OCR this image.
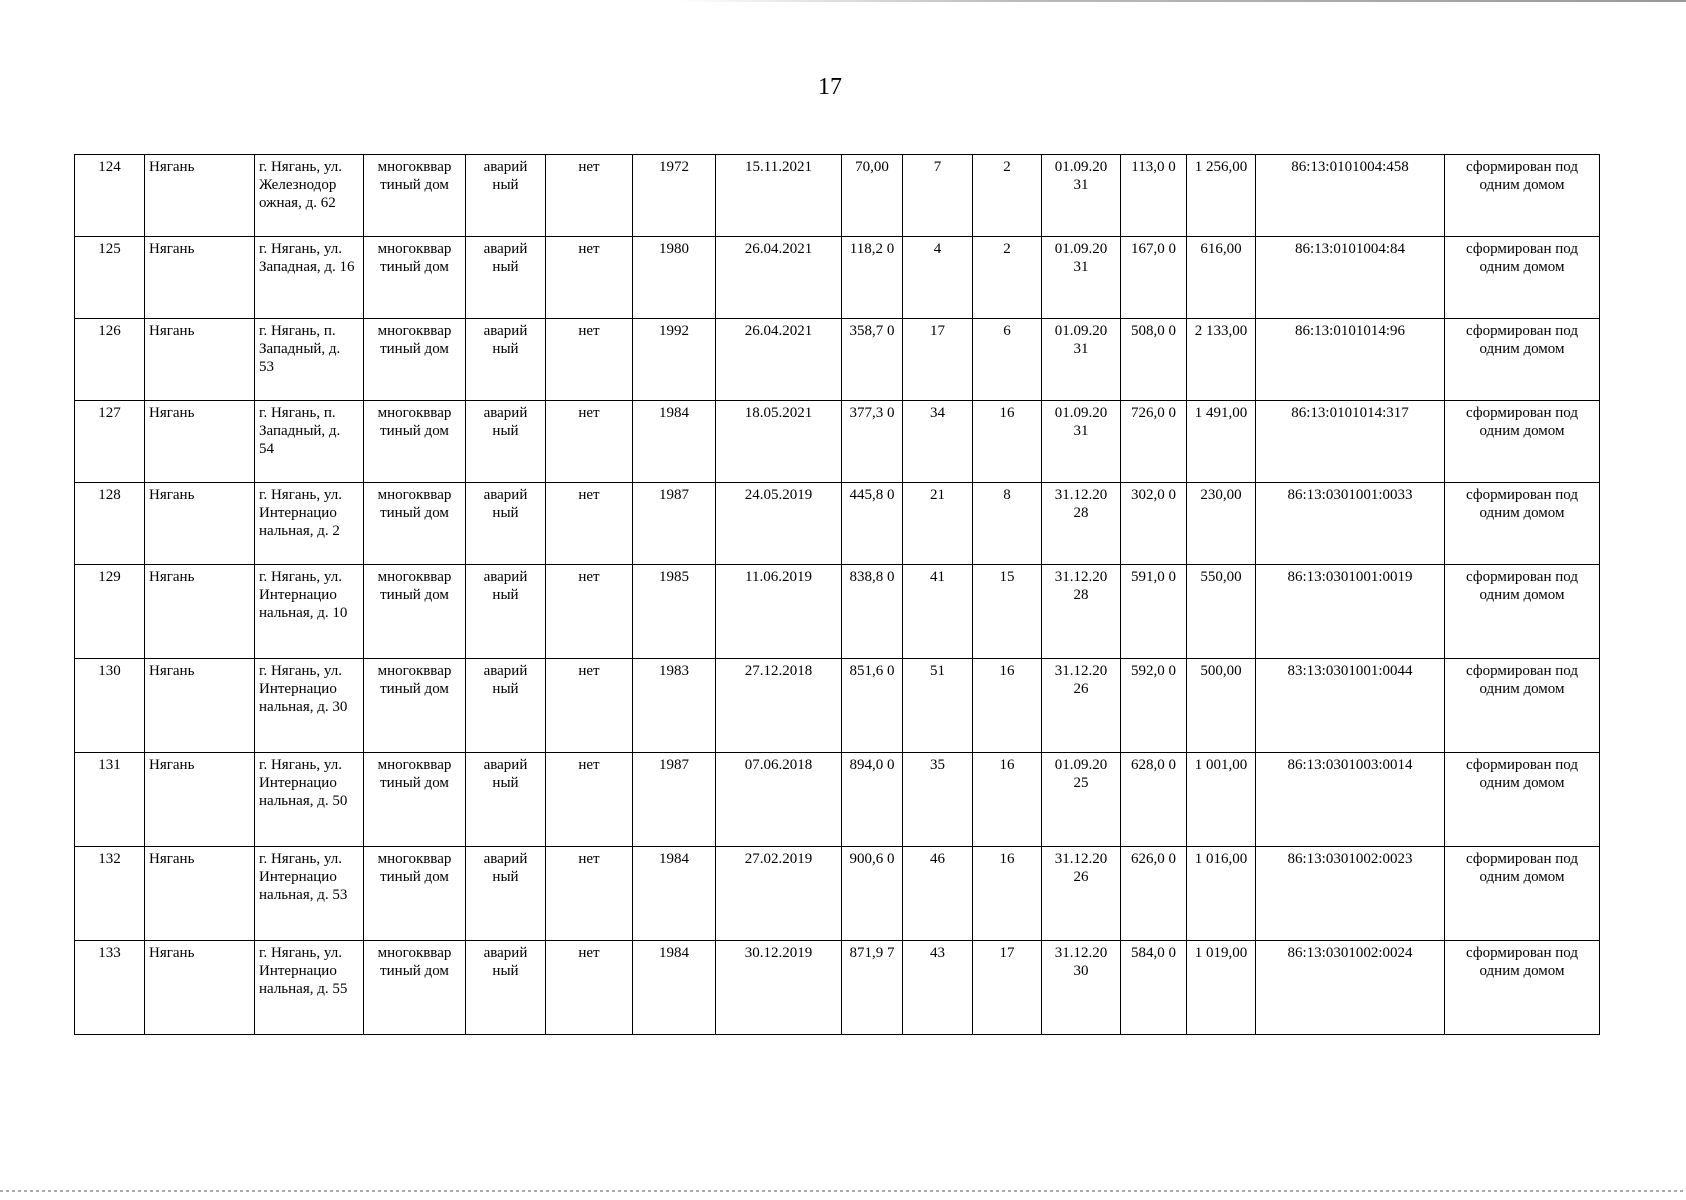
17
124	Нягань	г. Нягань, ул. Железнодор ожная, д. 62	многокввар тиный дом	аварий ный	нет	1972	15.11.2021	70,00	7	2	01.09.20 31	113,0 0	1 256,00	86:13:0101004:458	сформирован под одним домом
125	Нягань	г. Нягань, ул. Западная, д. 16	многокввар тиный дом	аварий ный	нет	1980	26.04.2021	118,2 0	4	2	01.09.20 31	167,0 0	616,00	86:13:0101004:84	сформирован под одним домом
126	Нягань	г. Нягань, п. Западный, д. 53	многокввар тиный дом	аварий ный	нет	1992	26.04.2021	358,7 0	17	6	01.09.20 31	508,0 0	2 133,00	86:13:0101014:96	сформирован под одним домом
127	Нягань	г. Нягань, п. Западный, д. 54	многокввар тиный дом	аварий ный	нет	1984	18.05.2021	377,3 0	34	16	01.09.20 31	726,0 0	1 491,00	86:13:0101014:317	сформирован под одним домом
128	Нягань	г. Нягань, ул. Интернацио нальная, д. 2	многокввар тиный дом	аварий ный	нет	1987	24.05.2019	445,8 0	21	8	31.12.20 28	302,0 0	230,00	86:13:0301001:0033	сформирован под одним домом
129	Нягань	г. Нягань, ул. Интернацио нальная, д. 10	многокввар тиный дом	аварий ный	нет	1985	11.06.2019	838,8 0	41	15	31.12.20 28	591,0 0	550,00	86:13:0301001:0019	сформирован под одним домом
130	Нягань	г. Нягань, ул. Интернацио нальная, д. 30	многокввар тиный дом	аварий ный	нет	1983	27.12.2018	851,6 0	51	16	31.12.20 26	592,0 0	500,00	83:13:0301001:0044	сформирован под одним домом
131	Нягань	г. Нягань, ул. Интернацио нальная, д. 50	многокввар тиный дом	аварий ный	нет	1987	07.06.2018	894,0 0	35	16	01.09.20 25	628,0 0	1 001,00	86:13:0301003:0014	сформирован под одним домом
132	Нягань	г. Нягань, ул. Интернацио нальная, д. 53	многокввар тиный дом	аварий ный	нет	1984	27.02.2019	900,6 0	46	16	31.12.20 26	626,0 0	1 016,00	86:13:0301002:0023	сформирован под одним домом
133	Нягань	г. Нягань, ул. Интернацио нальная, д. 55	многокввар тиный дом	аварий ный	нет	1984	30.12.2019	871,9 7	43	17	31.12.20 30	584,0 0	1 019,00	86:13:0301002:0024	сформирован под одним домом
